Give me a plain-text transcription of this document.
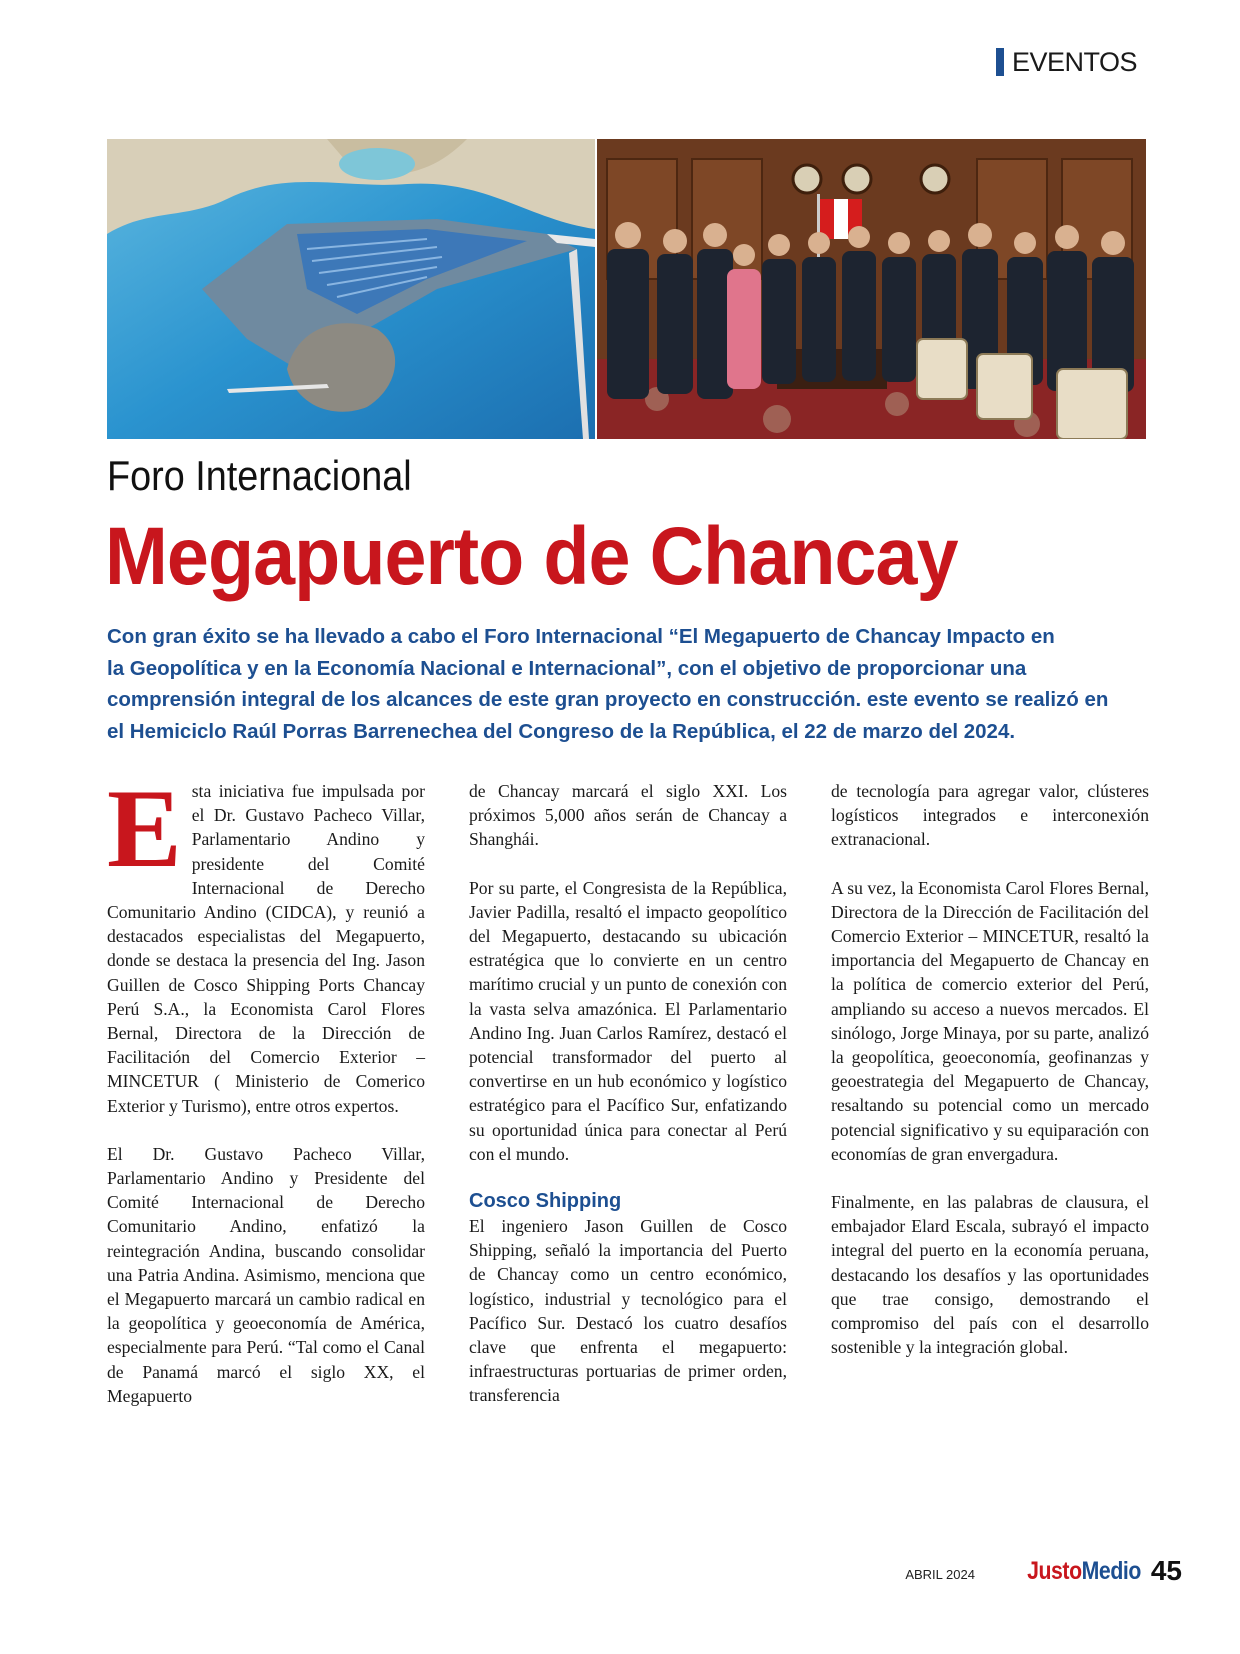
EVENTOS
Foro Internacional
Megapuerto de Chancay

Con gran éxito se ha llevado a cabo el Foro Internacional “El Megapuerto de Chancay Impacto en
la Geopolítica y en la Economía Nacional e Internacional”, con el objetivo de proporcionar una
comprensión integral de los alcances de este gran proyecto en construcción. este evento se realizó en
el Hemiciclo Raúl Porras Barrenechea del Congreso de la República, el 22 de marzo del 2024.

Esta iniciativa fue impulsada por el Dr. Gustavo Pacheco Villar, Parlamentario Andino y presidente del Comité Internacional de Derecho Comunitario Andino (CIDCA), y reunió a destacados especialistas del Megapuerto, donde se destaca la presencia del Ing. Jason Guillen de Cosco Shipping Ports Chancay Perú S.A., la Economista Carol Flores Bernal, Directora de la Dirección de Facilitación del Comercio Exterior – MINCETUR ( Ministerio de Comerico Exterior y Turismo), entre otros expertos.

El Dr. Gustavo Pacheco Villar, Parlamentario Andino y Presidente del Comité Internacional de Derecho Comunitario Andino, enfatizó la reintegración Andina, buscando consolidar una Patria Andina. Asimismo, menciona que el Megapuerto marcará un cambio radical en la geopolítica y geoeconomía de América, especialmente para Perú. “Tal como el Canal de Panamá marcó el siglo XX, el Megapuerto

de Chancay marcará el siglo XXI. Los próximos 5,000 años serán de Chancay a Shanghái.

Por su parte, el Congresista de la República, Javier Padilla, resaltó el impacto geopolítico del Megapuerto, destacando su ubicación estratégica que lo convierte en un centro marítimo crucial y un punto de conexión con la vasta selva amazónica. El Parlamentario Andino Ing. Juan Carlos Ramírez, destacó el potencial transformador del puerto al convertirse en un hub económico y logístico estratégico para el Pacífico Sur, enfatizando su oportunidad única para conectar al Perú con el mundo.

Cosco Shipping

El ingeniero Jason Guillen de Cosco Shipping, señaló la importancia del Puerto de Chancay como un centro económico, logístico, industrial y tecnológico para el Pacífico Sur. Destacó los cuatro desafíos clave que enfrenta el megapuerto: infraestructuras portuarias de primer orden, transferencia

de tecnología para agregar valor, clústeres logísticos integrados e interconexión extranacional.

A su vez, la Economista Carol Flores Bernal, Directora de la Dirección de Facilitación del Comercio Exterior – MINCETUR, resaltó la importancia del Megapuerto de Chancay en la política de comercio exterior del Perú, ampliando su acceso a nuevos mercados. El sinólogo, Jorge Minaya, por su parte, analizó la geopolítica, geoeconomía, geofinanzas y geoestrategia del Megapuerto de Chancay, resaltando su potencial como un mercado potencial significativo y su equiparación con economías de gran envergadura.

Finalmente, en las palabras de clausura, el embajador Elard Escala, subrayó el impacto integral del puerto en la economía peruana, destacando los desafíos y las oportunidades que trae consigo, demostrando el compromiso del país con el desarrollo sostenible y la integración global.

ABRIL 2024 JustoMedio 45
